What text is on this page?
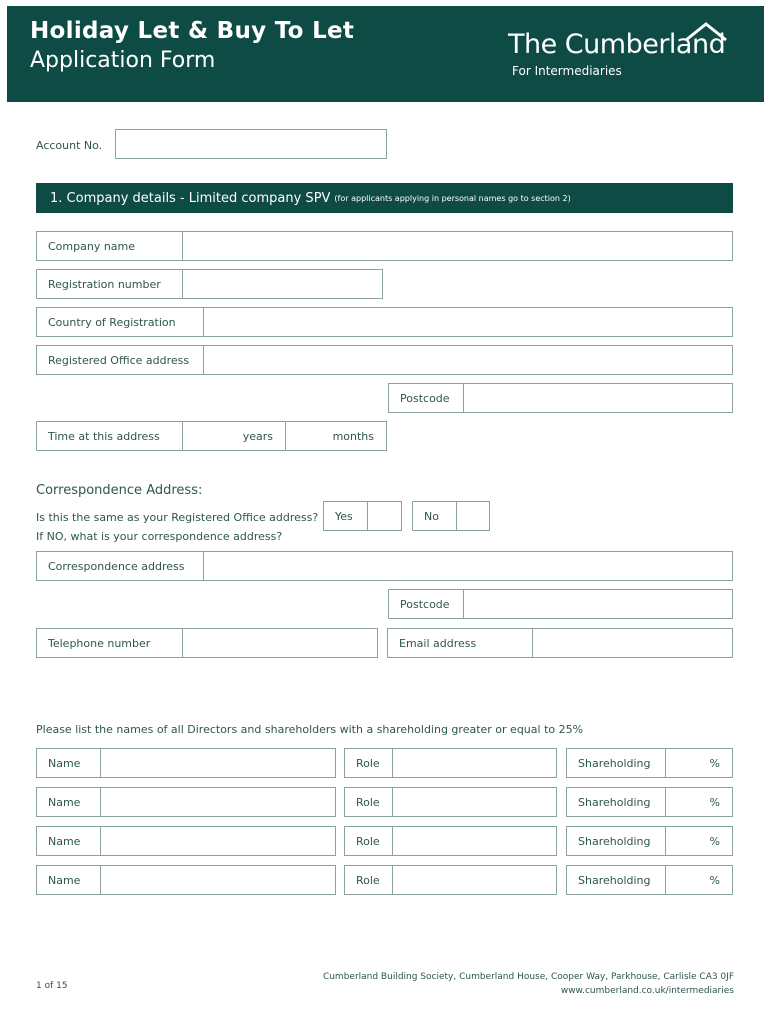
Holiday Let & Buy To Let
Application Form
The Cumberland
For Intermediaries
Account No.
1. Company details - Limited company SPV (for applicants applying in personal names go to section 2)
Company name
Registration number
Country of Registration
Registered Office address
Postcode
Time at this address	years	months
Correspondence Address:
Is this the same as your Registered Office address?
If NO, what is your correspondence address?
Yes	No
Correspondence address
Postcode
Telephone number	Email address
Please list the names of all Directors and shareholders with a shareholding greater or equal to 25%
Name	Role	Shareholding	%
Name	Role	Shareholding	%
Name	Role	Shareholding	%
Name	Role	Shareholding	%
1 of 15
Cumberland Building Society, Cumberland House, Cooper Way, Parkhouse, Carlisle CA3 0JF
www.cumberland.co.uk/intermediaries
